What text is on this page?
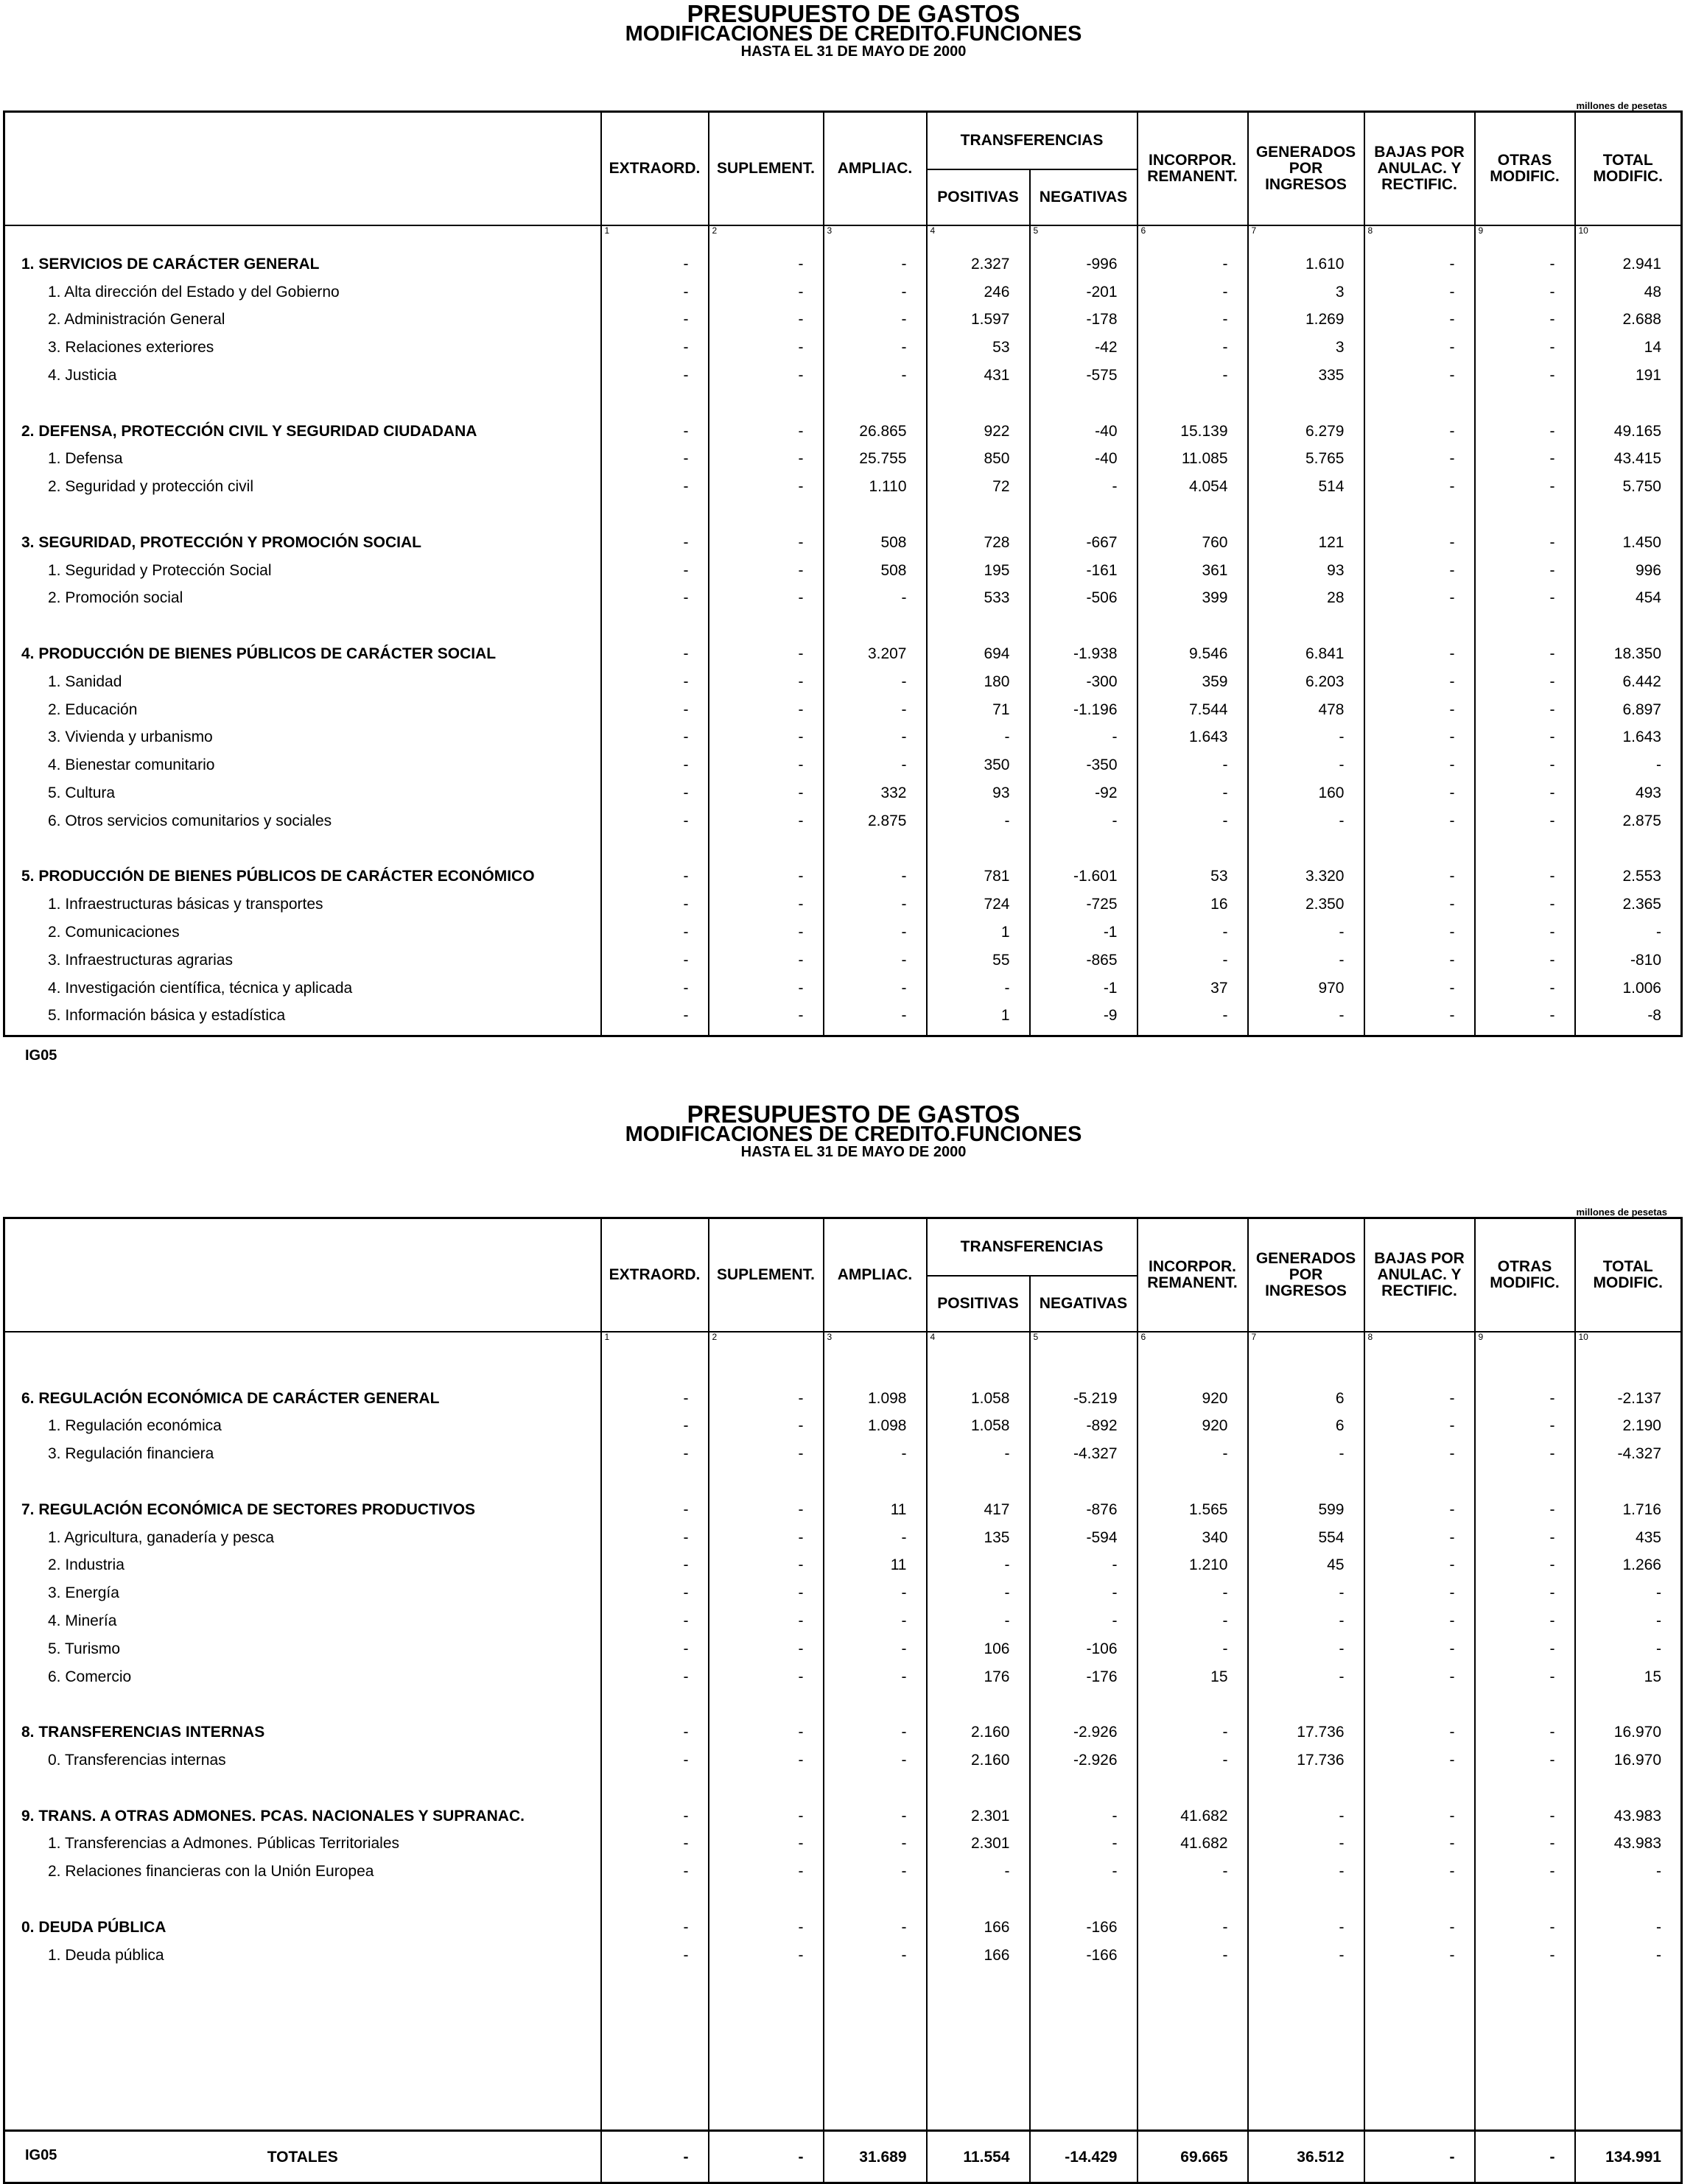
PRESUPUESTO DE GASTOS
MODIFICACIONES DE CREDITO.FUNCIONES
HASTA EL 31 DE MAYO DE 2000
millones de pesetas
	EXTRAORD.	SUPLEMENT.	AMPLIAC.	TRANSFERENCIAS		INCORPOR.
REMANENT.	GENERADOS
POR
INGRESOS	BAJAS POR
ANULAC. Y
RECTIFIC.	OTRAS
MODIFIC.	TOTAL
MODIFIC.
				POSITIVAS	NEGATIVAS					
	1	2	3	4	5	6	7	8	9	10
1. SERVICIOS DE CARÁCTER GENERAL	-	-	-	2.327	-996	-	1.610	-	-	2.941
1. Alta dirección del Estado y del Gobierno	-	-	-	246	-201	-	3	-	-	48
2. Administración General	-	-	-	1.597	-178	-	1.269	-	-	2.688
3. Relaciones exteriores	-	-	-	53	-42	-	3	-	-	14
4. Justicia	-	-	-	431	-575	-	335	-	-	191

2. DEFENSA, PROTECCIÓN CIVIL Y SEGURIDAD CIUDADANA	-	-	26.865	922	-40	15.139	6.279	-	-	49.165
1. Defensa	-	-	25.755	850	-40	11.085	5.765	-	-	43.415
2. Seguridad y protección civil	-	-	1.110	72	-	4.054	514	-	-	5.750

3. SEGURIDAD, PROTECCIÓN Y PROMOCIÓN SOCIAL	-	-	508	728	-667	760	121	-	-	1.450
1. Seguridad y Protección Social	-	-	508	195	-161	361	93	-	-	996
2. Promoción social	-	-	-	533	-506	399	28	-	-	454

4. PRODUCCIÓN DE BIENES PÚBLICOS DE CARÁCTER SOCIAL	-	-	3.207	694	-1.938	9.546	6.841	-	-	18.350
1. Sanidad	-	-	-	180	-300	359	6.203	-	-	6.442
2. Educación	-	-	-	71	-1.196	7.544	478	-	-	6.897
3. Vivienda y urbanismo	-	-	-	-	-	1.643	-	-	-	1.643
4. Bienestar comunitario	-	-	-	350	-350	-	-	-	-	-
5. Cultura	-	-	332	93	-92	-	160	-	-	493
6. Otros servicios comunitarios y sociales	-	-	2.875	-	-	-	-	-	-	2.875

5. PRODUCCIÓN DE BIENES PÚBLICOS DE CARÁCTER ECONÓMICO	-	-	-	781	-1.601	53	3.320	-	-	2.553
1. Infraestructuras básicas y transportes	-	-	-	724	-725	16	2.350	-	-	2.365
2. Comunicaciones	-	-	-	1	-1	-	-	-	-	-
3. Infraestructuras agrarias	-	-	-	55	-865	-	-	-	-	-810
4. Investigación científica, técnica y aplicada	-	-	-	-	-1	37	970	-	-	1.006
5. Información básica y estadística	-	-	-	1	-9	-	-	-	-	-8

IG05
PRESUPUESTO DE GASTOS
MODIFICACIONES DE CREDITO.FUNCIONES
HASTA EL 31 DE MAYO DE 2000
millones de pesetas
	EXTRAORD.	SUPLEMENT.	AMPLIAC.	TRANSFERENCIAS		INCORPOR.
REMANENT.	GENERADOS
POR
INGRESOS	BAJAS POR
ANULAC. Y
RECTIFIC.	OTRAS
MODIFIC.	TOTAL
MODIFIC.
				POSITIVAS	NEGATIVAS					
	1	2	3	4	5	6	7	8	9	10

6. REGULACIÓN ECONÓMICA DE CARÁCTER GENERAL	-	-	1.098	1.058	-5.219	920	6	-	-	-2.137
1. Regulación económica	-	-	1.098	1.058	-892	920	6	-	-	2.190
3. Regulación financiera	-	-	-	-	-4.327	-	-	-	-	-4.327

7. REGULACIÓN ECONÓMICA DE SECTORES PRODUCTIVOS	-	-	11	417	-876	1.565	599	-	-	1.716
1. Agricultura, ganadería y pesca	-	-	-	135	-594	340	554	-	-	435
2. Industria	-	-	11	-	-	1.210	45	-	-	1.266
3. Energía	-	-	-	-	-	-	-	-	-	-
4. Minería	-	-	-	-	-	-	-	-	-	-
5. Turismo	-	-	-	106	-106	-	-	-	-	-
6. Comercio	-	-	-	176	-176	15	-	-	-	15

8. TRANSFERENCIAS INTERNAS	-	-	-	2.160	-2.926	-	17.736	-	-	16.970
0. Transferencias internas	-	-	-	2.160	-2.926	-	17.736	-	-	16.970

9. TRANS. A OTRAS ADMONES. PCAS. NACIONALES Y SUPRANAC.	-	-	-	2.301	-	41.682	-	-	-	43.983
1. Transferencias a Admones. Públicas Territoriales	-	-	-	2.301	-	41.682	-	-	-	43.983
2. Relaciones financieras con la Unión Europea	-	-	-	-	-	-	-	-	-	-

0. DEUDA PÚBLICA	-	-	-	166	-166	-	-	-	-	-
1. Deuda pública	-	-	-	166	-166	-	-	-	-	-

TOTALES	-	-	31.689	11.554	-14.429	69.665	36.512	-	-	134.991
IG05
